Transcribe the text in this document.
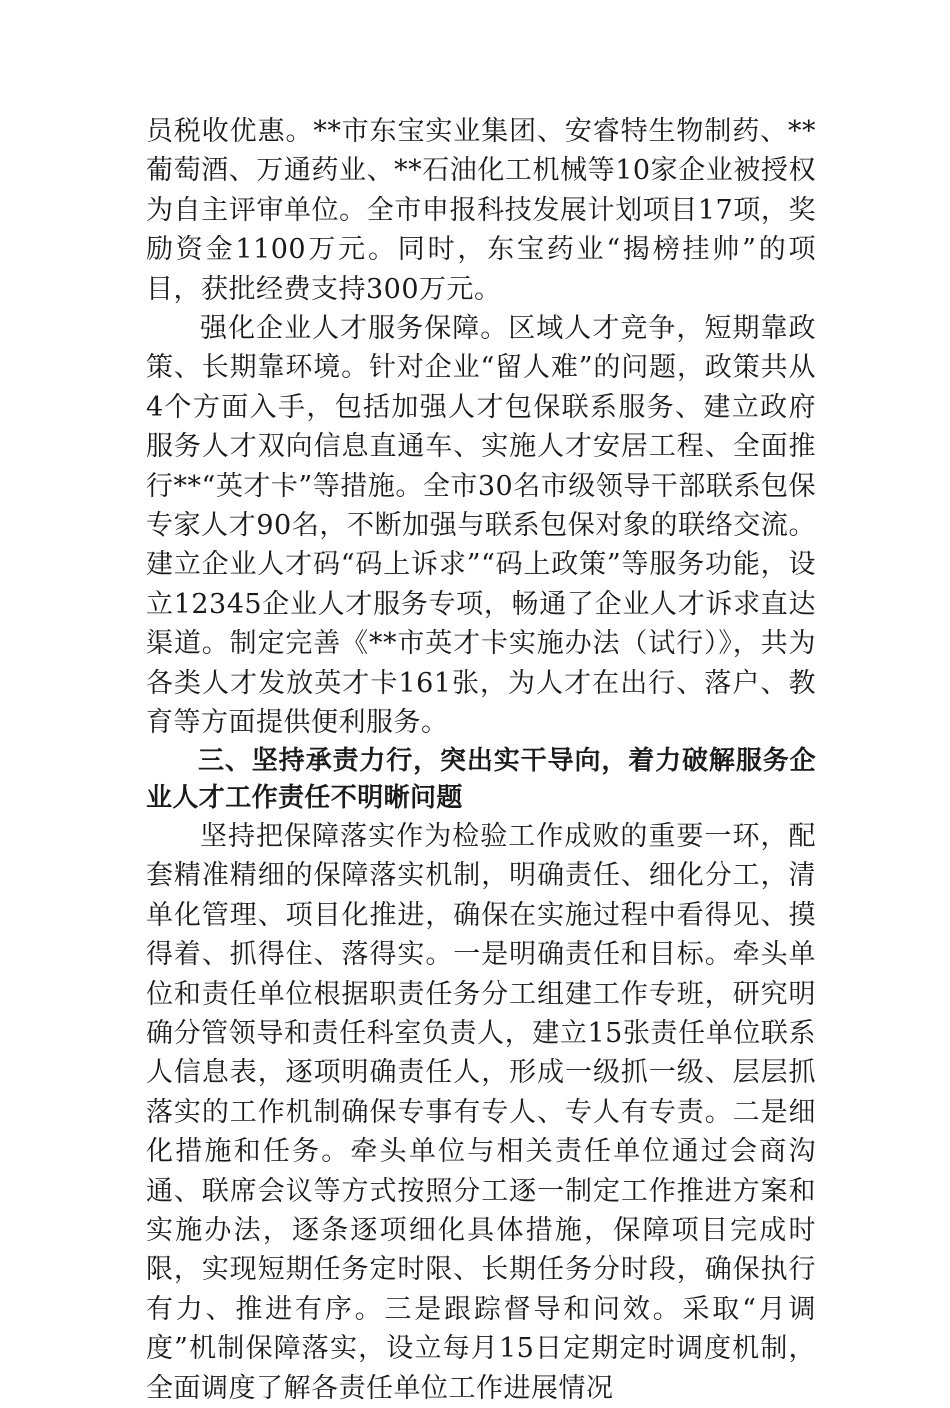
员税收优惠。**市东宝实业集团、安睿特生物制药、**葡萄酒、万通药业、**石油化工机械等10家企业被授权为自主评审单位。全市申报科技发展计划项目17项，奖励资金1100万元。同时，东宝药业“揭榜挂帅”的项目，获批经费支持300万元。

强化企业人才服务保障。区域人才竞争，短期靠政策、长期靠环境。针对企业“留人难”的问题，政策共从4个方面入手，包括加强人才包保联系服务、建立政府服务人才双向信息直通车、实施人才安居工程、全面推行**“英才卡”等措施。全市30名市级领导干部联系包保专家人才90名，不断加强与联系包保对象的联络交流。建立企业人才码“码上诉求”“码上政策”等服务功能，设立12345企业人才服务专项，畅通了企业人才诉求直达渠道。制定完善《**市英才卡实施办法（试行）》，共为各类人才发放英才卡161张，为人才在出行、落户、教育等方面提供便利服务。

三、坚持承责力行，突出实干导向，着力破解服务企业人才工作责任不明晰问题

坚持把保障落实作为检验工作成败的重要一环，配套精准精细的保障落实机制，明确责任、细化分工，清单化管理、项目化推进，确保在实施过程中看得见、摸得着、抓得住、落得实。一是明确责任和目标。牵头单位和责任单位根据职责任务分工组建工作专班，研究明确分管领导和责任科室负责人，建立15张责任单位联系人信息表，逐项明确责任人，形成一级抓一级、层层抓落实的工作机制确保专事有专人、专人有专责。二是细化措施和任务。牵头单位与相关责任单位通过会商沟通、联席会议等方式按照分工逐一制定工作推进方案和实施办法，逐条逐项细化具体措施，保障项目完成时限，实现短期任务定时限、长期任务分时段，确保执行有力、推进有序。三是跟踪督导和问效。采取“月调度”机制保障落实，设立每月15日定期定时调度机制，全面调度了解各责任单位工作进展情况
